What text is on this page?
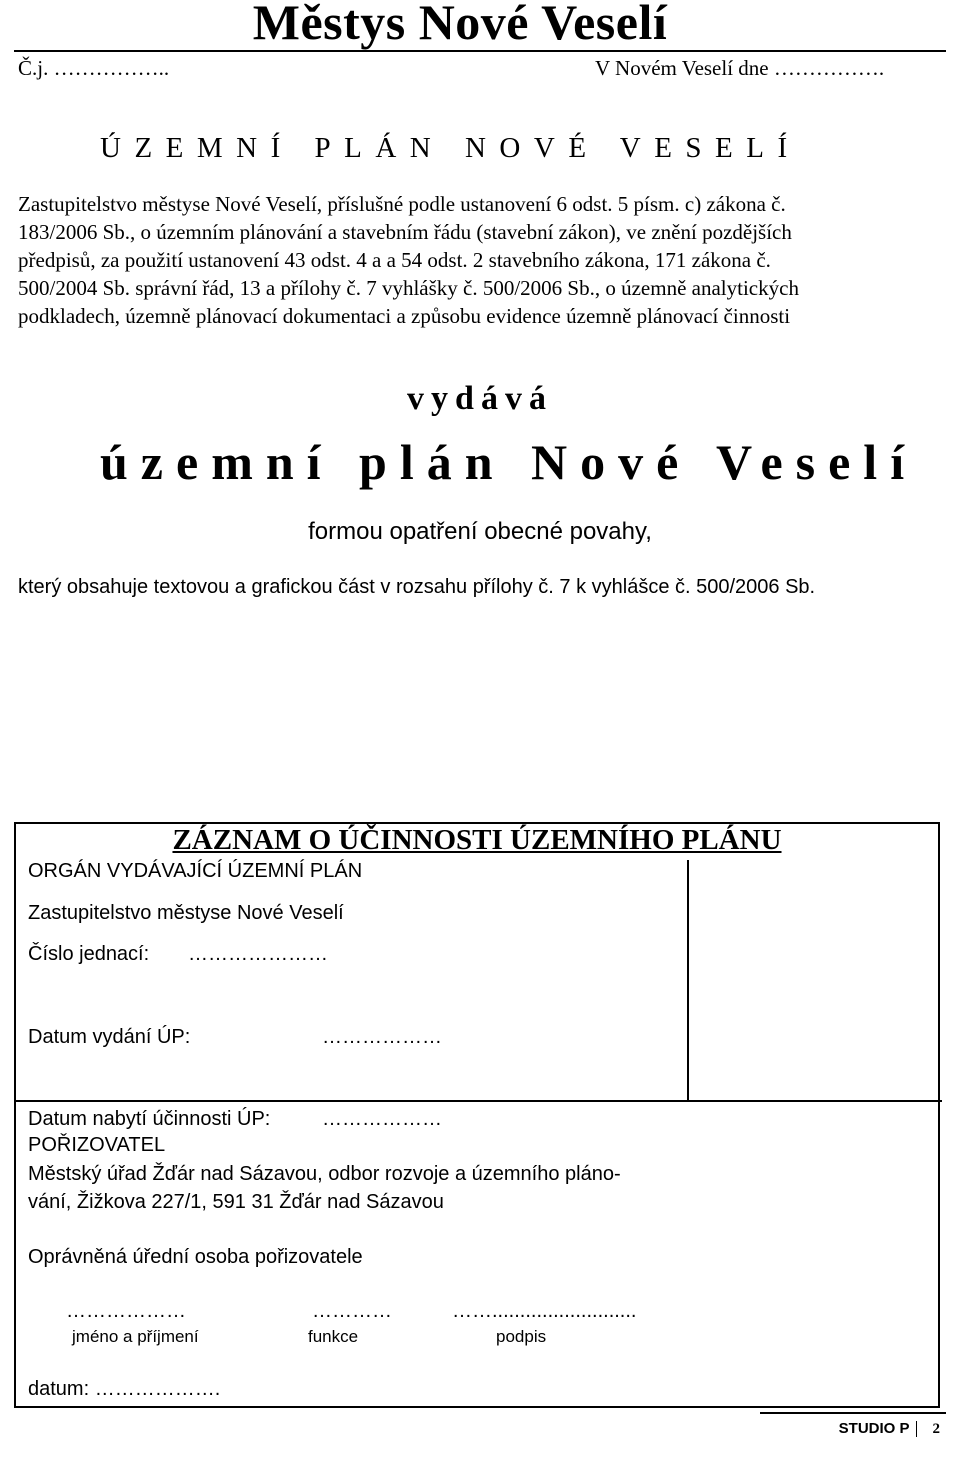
Městys Nové Veselí
Č.j. ……………..	V Novém Veselí dne …………….
ÚZEMNÍ PLÁN NOVÉ VESELÍ
Zastupitelstvo městyse Nové Veselí, příslušné podle ustanovení 6 odst. 5 písm. c) zákona č.
183/2006 Sb., o územním plánování a stavebním řádu (stavební zákon), ve znění pozdějších
předpisů, za použití ustanovení 43 odst. 4 a a 54 odst. 2 stavebního zákona, 171 zákona č.
500/2004 Sb. správní řád, 13 a přílohy č. 7 vyhlášky č. 500/2006 Sb., o územně analytických
podkladech, územně plánovací dokumentaci a způsobu evidence územně plánovací činnosti
vydává
územní plán Nové Veselí
formou opatření obecné povahy,
který obsahuje textovou a grafickou část v rozsahu přílohy č. 7 k vyhlášce č. 500/2006 Sb.
ZÁZNAM O ÚČINNOSTI ÚZEMNÍHO PLÁNU
ORGÁN VYDÁVAJÍCÍ ÚZEMNÍ PLÁN
Zastupitelstvo městyse Nové Veselí
Číslo jednací: …………………
Datum vydání ÚP:	………………
Datum nabytí účinnosti ÚP:	………………
POŘIZOVATEL
Městský úřad Žďár nad Sázavou, odbor rozvoje a územního pláno-
vání, Žižkova 227/1, 591 31 Žďár nad Sázavou
Oprávněná úřední osoba pořizovatele
………………	…………	……..........................
jméno a příjmení	funkce	podpis
datum: ……………….
STUDIO P 2
